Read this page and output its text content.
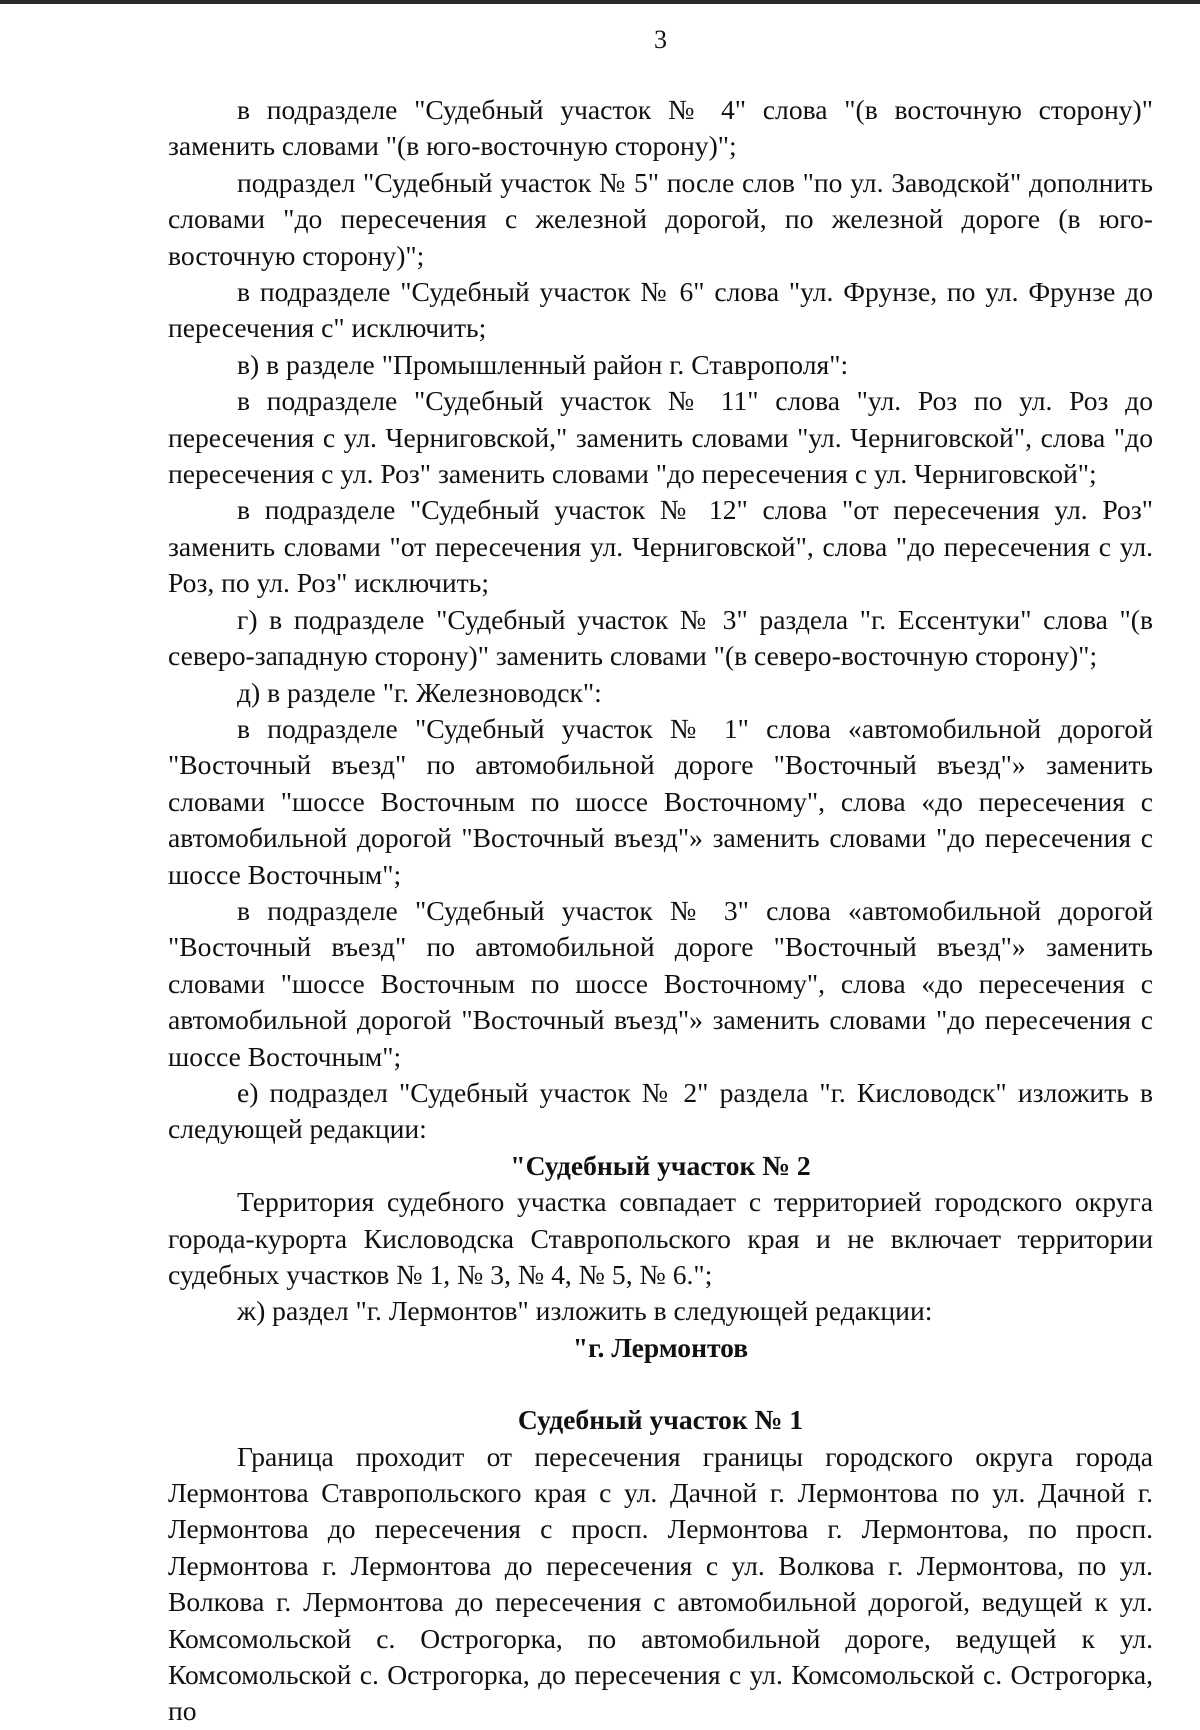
3

в подразделе "Судебный участок № 4" слова "(в восточную сторону)" заменить словами "(в юго-восточную сторону)";

подраздел "Судебный участок № 5" после слов "по ул. Заводской" дополнить словами "до пересечения с железной дорогой, по железной дороге (в юго-восточную сторону)";

в подразделе "Судебный участок № 6" слова "ул. Фрунзе, по ул. Фрунзе до пересечения с" исключить;

в) в разделе "Промышленный район г. Ставрополя":

в подразделе "Судебный участок № 11" слова "ул. Роз по ул. Роз до пересечения с ул. Черниговской," заменить словами "ул. Черниговской", слова "до пересечения с ул. Роз" заменить словами "до пересечения с ул. Черниговской";

в подразделе "Судебный участок № 12" слова "от пересечения ул. Роз" заменить словами "от пересечения ул. Черниговской", слова "до пересечения с ул. Роз, по ул. Роз" исключить;

г) в подразделе "Судебный участок № 3" раздела "г. Ессентуки" слова "(в северо-западную сторону)" заменить словами "(в северо-восточную сторону)";

д) в разделе "г. Железноводск":

в подразделе "Судебный участок № 1" слова «автомобильной дорогой "Восточный въезд" по автомобильной дороге "Восточный въезд"» заменить словами "шоссе Восточным по шоссе Восточному", слова «до пересечения с автомобильной дорогой "Восточный въезд"» заменить словами "до пересечения с шоссе Восточным";

в подразделе "Судебный участок № 3" слова «автомобильной дорогой "Восточный въезд" по автомобильной дороге "Восточный въезд"» заменить словами "шоссе Восточным по шоссе Восточному", слова «до пересечения с автомобильной дорогой "Восточный въезд"» заменить словами "до пересечения с шоссе Восточным";

е) подраздел "Судебный участок № 2" раздела "г. Кисловодск" изложить в следующей редакции:

"Судебный участок № 2

Территория судебного участка совпадает с территорией городского округа города-курорта Кисловодска Ставропольского края и не включает территории судебных участков № 1, № 3, № 4, № 5, № 6.";

ж) раздел "г. Лермонтов" изложить в следующей редакции:

"г. Лермонтов
Судебный участок № 1

Граница проходит от пересечения границы городского округа города Лермонтова Ставропольского края с ул. Дачной г. Лермонтова по ул. Дачной г. Лермонтова до пересечения с просп. Лермонтова г. Лермонтова, по просп. Лермонтова г. Лермонтова до пересечения с ул. Волкова г. Лермонтова, по ул. Волкова г. Лермонтова до пересечения с автомобильной дорогой, ведущей к ул. Комсомольской с. Острогорка, по автомобильной дороге, ведущей к ул. Комсомольской с. Острогорка, до пересечения с ул. Комсомольской с. Острогорка, по
